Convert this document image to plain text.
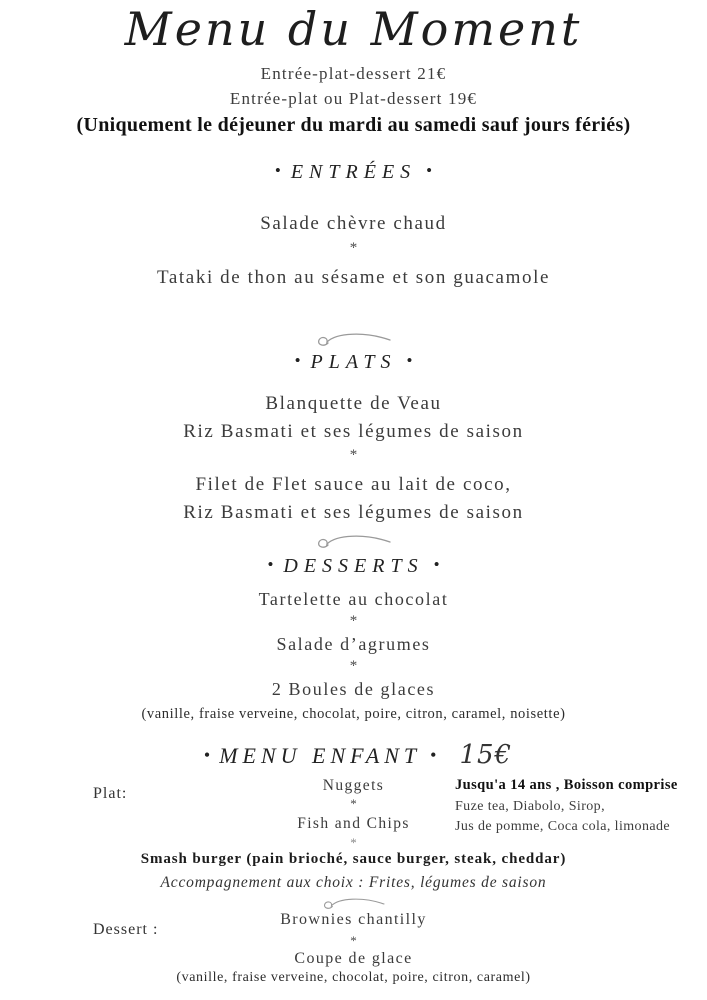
Menu du Moment
Entrée-plat-dessert 21€
Entrée-plat ou Plat-dessert 19€
(Uniquement le déjeuner du mardi au samedi sauf jours fériés)
• ENTRÉES •
Salade chèvre chaud
*
Tataki de thon au sésame et son guacamole
• PLATS •
Blanquette de Veau
Riz Basmati et ses légumes de saison
*
Filet de Flet sauce au lait de coco,
Riz Basmati et ses légumes de saison
• DESSERTS •
Tartelette au chocolat
*
Salade d’agrumes
*
2 Boules de glaces
(vanille, fraise verveine, chocolat, poire, citron, caramel, noisette)
• MENU ENFANT • 15€
Plat:	Nuggets
*
Fish and Chips
*
Jusqu'a 14 ans , Boisson comprise
Fuze tea, Diabolo, Sirop,
Jus de pomme, Coca cola, limonade
Smash burger (pain brioché, sauce burger, steak, cheddar)
Accompagnement aux choix : Frites, légumes de saison
Dessert :
Brownies chantilly
*
Coupe de glace
(vanille, fraise verveine, chocolat, poire, citron, caramel)
